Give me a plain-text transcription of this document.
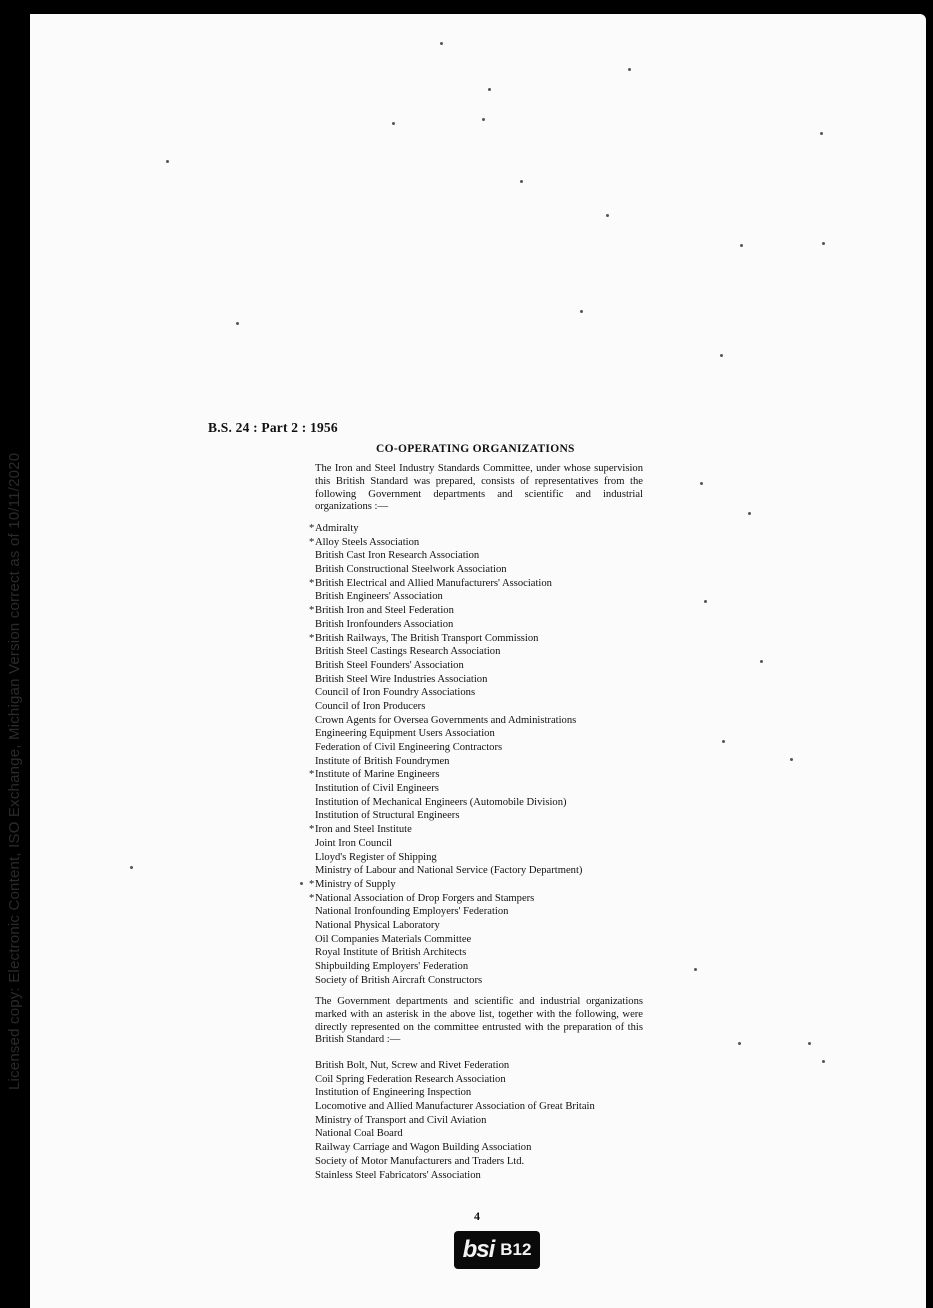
Licensed copy: Electronic Content, ISO Exchange, Michigan Version correct as of 10/11/2020
B.S. 24 : Part 2 : 1956
CO-OPERATING ORGANIZATIONS
The Iron and Steel Industry Standards Committee, under whose supervision this British Standard was prepared, consists of representatives from the following Government departments and scientific and industrial organizations :—
* Admiralty
* Alloy Steels Association
British Cast Iron Research Association
British Constructional Steelwork Association
* British Electrical and Allied Manufacturers' Association
British Engineers' Association
* British Iron and Steel Federation
British Ironfounders Association
* British Railways, The British Transport Commission
British Steel Castings Research Association
British Steel Founders' Association
British Steel Wire Industries Association
Council of Iron Foundry Associations
Council of Iron Producers
Crown Agents for Oversea Governments and Administrations
Engineering Equipment Users Association
Federation of Civil Engineering Contractors
Institute of British Foundrymen
* Institute of Marine Engineers
Institution of Civil Engineers
Institution of Mechanical Engineers (Automobile Division)
Institution of Structural Engineers
* Iron and Steel Institute
Joint Iron Council
Lloyd's Register of Shipping
Ministry of Labour and National Service (Factory Department)
* Ministry of Supply
* National Association of Drop Forgers and Stampers
National Ironfounding Employers' Federation
National Physical Laboratory
Oil Companies Materials Committee
Royal Institute of British Architects
Shipbuilding Employers' Federation
Society of British Aircraft Constructors
The Government departments and scientific and industrial organizations marked with an asterisk in the above list, together with the following, were directly represented on the committee entrusted with the preparation of this British Standard :—
British Bolt, Nut, Screw and Rivet Federation
Coil Spring Federation Research Association
Institution of Engineering Inspection
Locomotive and Allied Manufacturer Association of Great Britain
Ministry of Transport and Civil Aviation
National Coal Board
Railway Carriage and Wagon Building Association
Society of Motor Manufacturers and Traders Ltd.
Stainless Steel Fabricators' Association
4
bsi B12
